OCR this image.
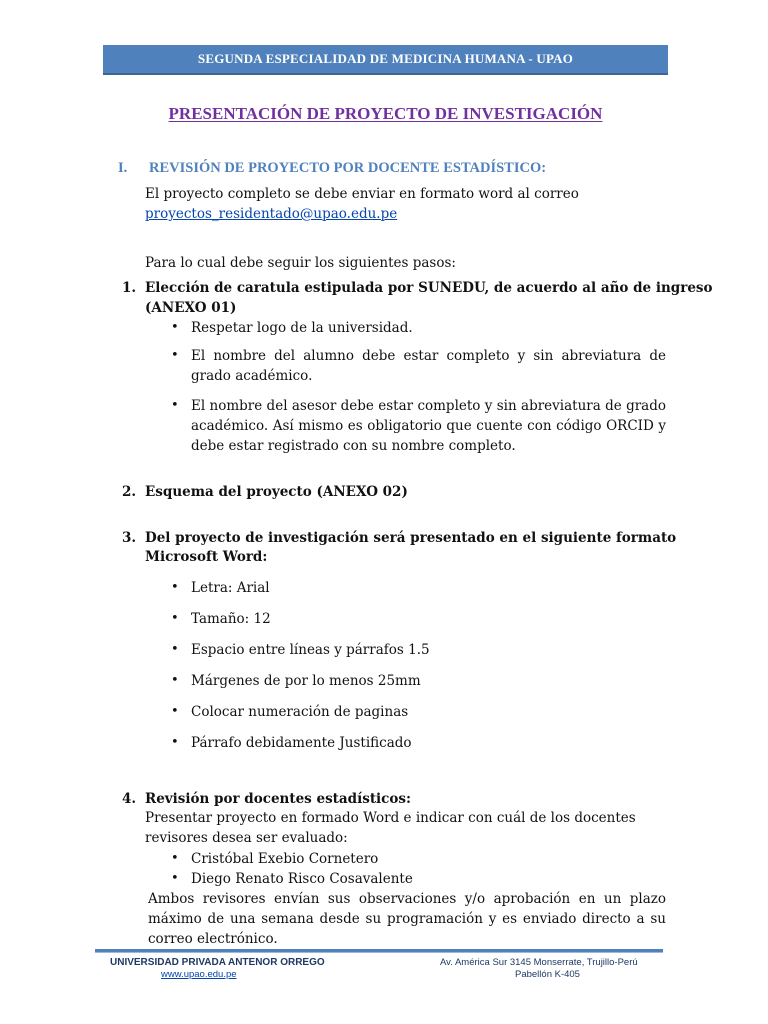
SEGUNDA ESPECIALIDAD DE MEDICINA HUMANA - UPAO
PRESENTACIÓN DE PROYECTO DE INVESTIGACIÓN
I. REVISIÓN DE PROYECTO POR DOCENTE ESTADÍSTICO:
El proyecto completo se debe enviar en formato word al correo
proyectos_residentado@upao.edu.pe
Para lo cual debe seguir los siguientes pasos:
1. Elección de caratula estipulada por SUNEDU, de acuerdo al año de ingreso
(ANEXO 01)
• Respetar logo de la universidad.
• El nombre del alumno debe estar completo y sin abreviatura de grado académico.
• El nombre del asesor debe estar completo y sin abreviatura de grado académico. Así mismo es obligatorio que cuente con código ORCID y debe estar registrado con su nombre completo.
2. Esquema del proyecto (ANEXO 02)
3. Del proyecto de investigación será presentado en el siguiente formato
Microsoft Word:
• Letra: Arial
• Tamaño: 12
• Espacio entre líneas y párrafos 1.5
• Márgenes de por lo menos 25mm
• Colocar numeración de paginas
• Párrafo debidamente Justificado
4. Revisión por docentes estadísticos:
Presentar proyecto en formado Word e indicar con cuál de los docentes
revisores desea ser evaluado:
• Cristóbal Exebio Cornetero
• Diego Renato Risco Cosavalente
Ambos revisores envían sus observaciones y/o aprobación en un plazo máximo de una semana desde su programación y es enviado directo a su correo electrónico.
UNIVERSIDAD PRIVADA ANTENOR ORREGO
www.upao.edu.pe
Av. América Sur 3145 Monserrate, Trujillo-Perú
Pabellón K-405
